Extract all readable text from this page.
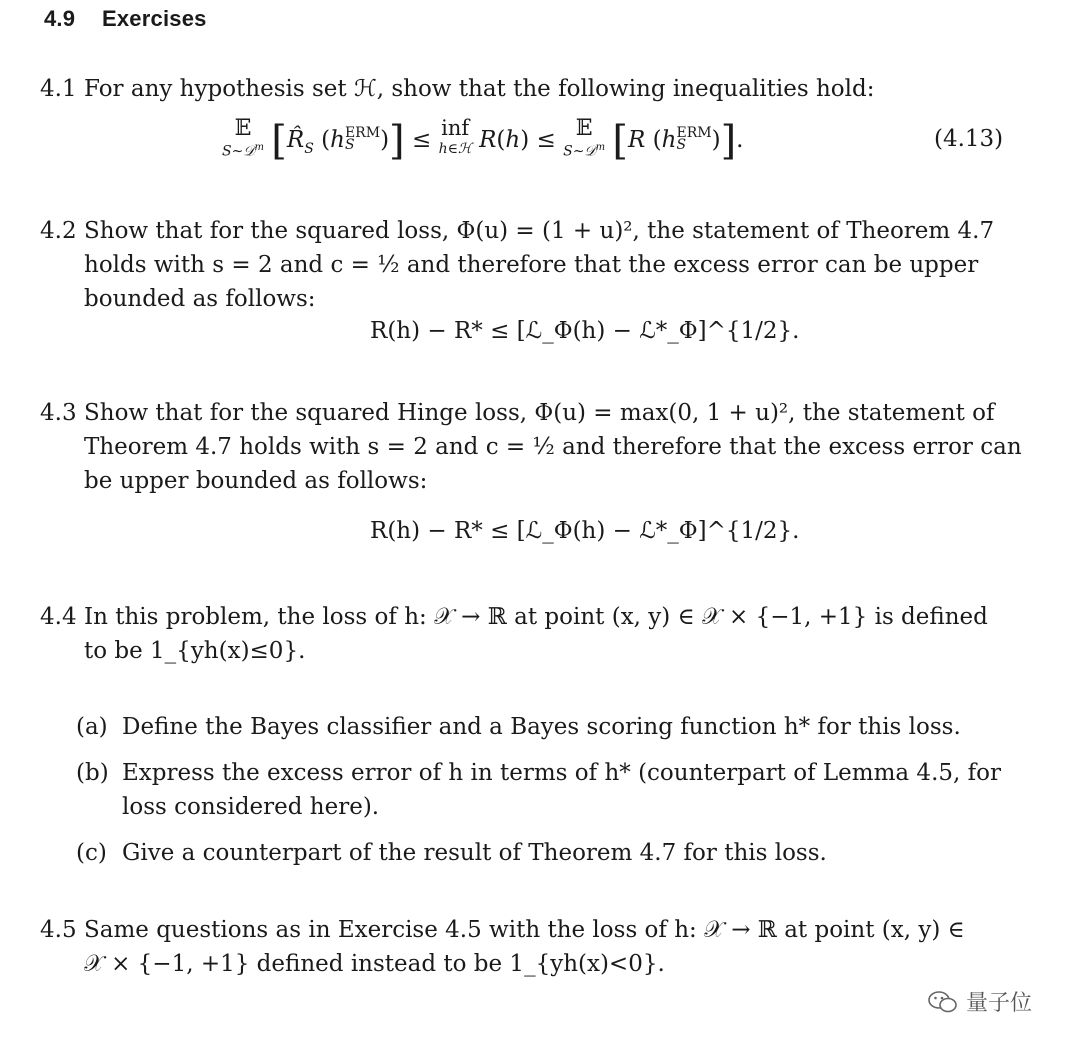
4.9 Exercises
4.1 For any hypothesis set ℋ, show that the following inequalities hold:
𝔼
S∼𝒟$^m$ [$R̂_S$ (h ERM
S	)] ≤ inf
h∈ℋ R(h) ≤ 𝔼
S∼𝒟$^m$ [R (h ERM
S	)].	(4.13)
4.2 Show that for the squared loss, Φ(u) = (1 + u)², the statement of Theorem 4.7
holds with s = 2 and c = ½ and therefore that the excess error can be upper
bounded as follows:
R(h) − R* ≤ [ℒ_Φ(h) − ℒ*_Φ]^{1/2}.
4.3 Show that for the squared Hinge loss, Φ(u) = max(0, 1 + u)², the statement of
Theorem 4.7 holds with s = 2 and c = ½ and therefore that the excess error can
be upper bounded as follows:
R(h) − R* ≤ [ℒ_Φ(h) − ℒ*_Φ]^{1/2}.
4.4 In this problem, the loss of h: 𝒳 → ℝ at point (x, y) ∈ 𝒳 × {−1, +1} is defined
to be 1_{yh(x)≤0}.
(a) Define the Bayes classifier and a Bayes scoring function h* for this loss.
(b) Express the excess error of h in terms of h* (counterpart of Lemma 4.5, for
loss considered here).
(c) Give a counterpart of the result of Theorem 4.7 for this loss.
4.5 Same questions as in Exercise 4.5 with the loss of h: 𝒳 → ℝ at point (x, y) ∈
𝒳 × {−1, +1} defined instead to be 1_{yh(x)<0}.
量子位
